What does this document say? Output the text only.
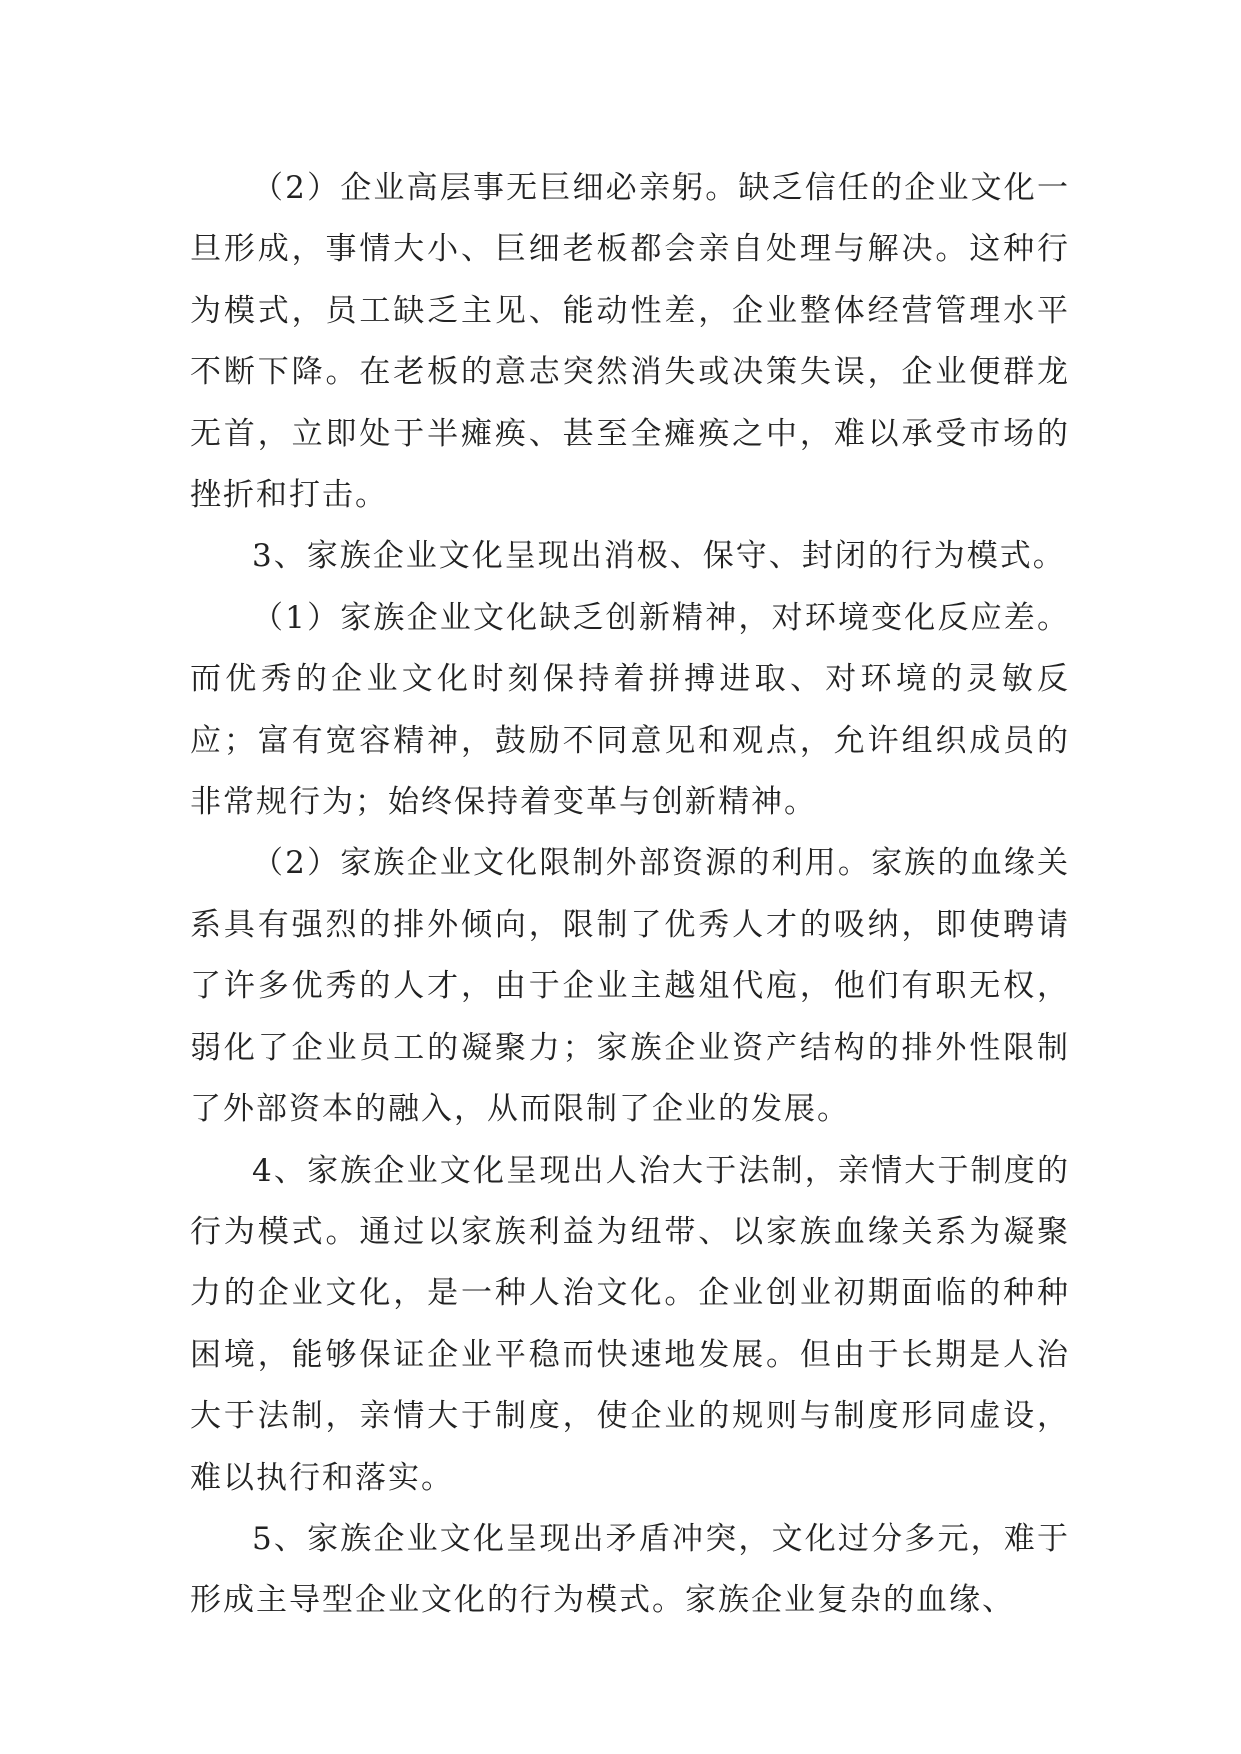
（2）企业高层事无巨细必亲躬。缺乏信任的企业文化一旦形成，事情大小、巨细老板都会亲自处理与解决。这种行为模式，员工缺乏主见、能动性差，企业整体经营管理水平不断下降。在老板的意志突然消失或决策失误，企业便群龙无首，立即处于半瘫痪、甚至全瘫痪之中，难以承受市场的挫折和打击。

3、家族企业文化呈现出消极、保守、封闭的行为模式。

（1）家族企业文化缺乏创新精神，对环境变化反应差。而优秀的企业文化时刻保持着拼搏进取、对环境的灵敏反应；富有宽容精神，鼓励不同意见和观点，允许组织成员的非常规行为；始终保持着变革与创新精神。

（2）家族企业文化限制外部资源的利用。家族的血缘关系具有强烈的排外倾向，限制了优秀人才的吸纳，即使聘请了许多优秀的人才，由于企业主越俎代庖，他们有职无权，弱化了企业员工的凝聚力；家族企业资产结构的排外性限制了外部资本的融入，从而限制了企业的发展。

4、家族企业文化呈现出人治大于法制，亲情大于制度的行为模式。通过以家族利益为纽带、以家族血缘关系为凝聚力的企业文化，是一种人治文化。企业创业初期面临的种种困境，能够保证企业平稳而快速地发展。但由于长期是人治大于法制，亲情大于制度，使企业的规则与制度形同虚设，难以执行和落实。

5、家族企业文化呈现出矛盾冲突，文化过分多元，难于形成主导型企业文化的行为模式。家族企业复杂的血缘、
